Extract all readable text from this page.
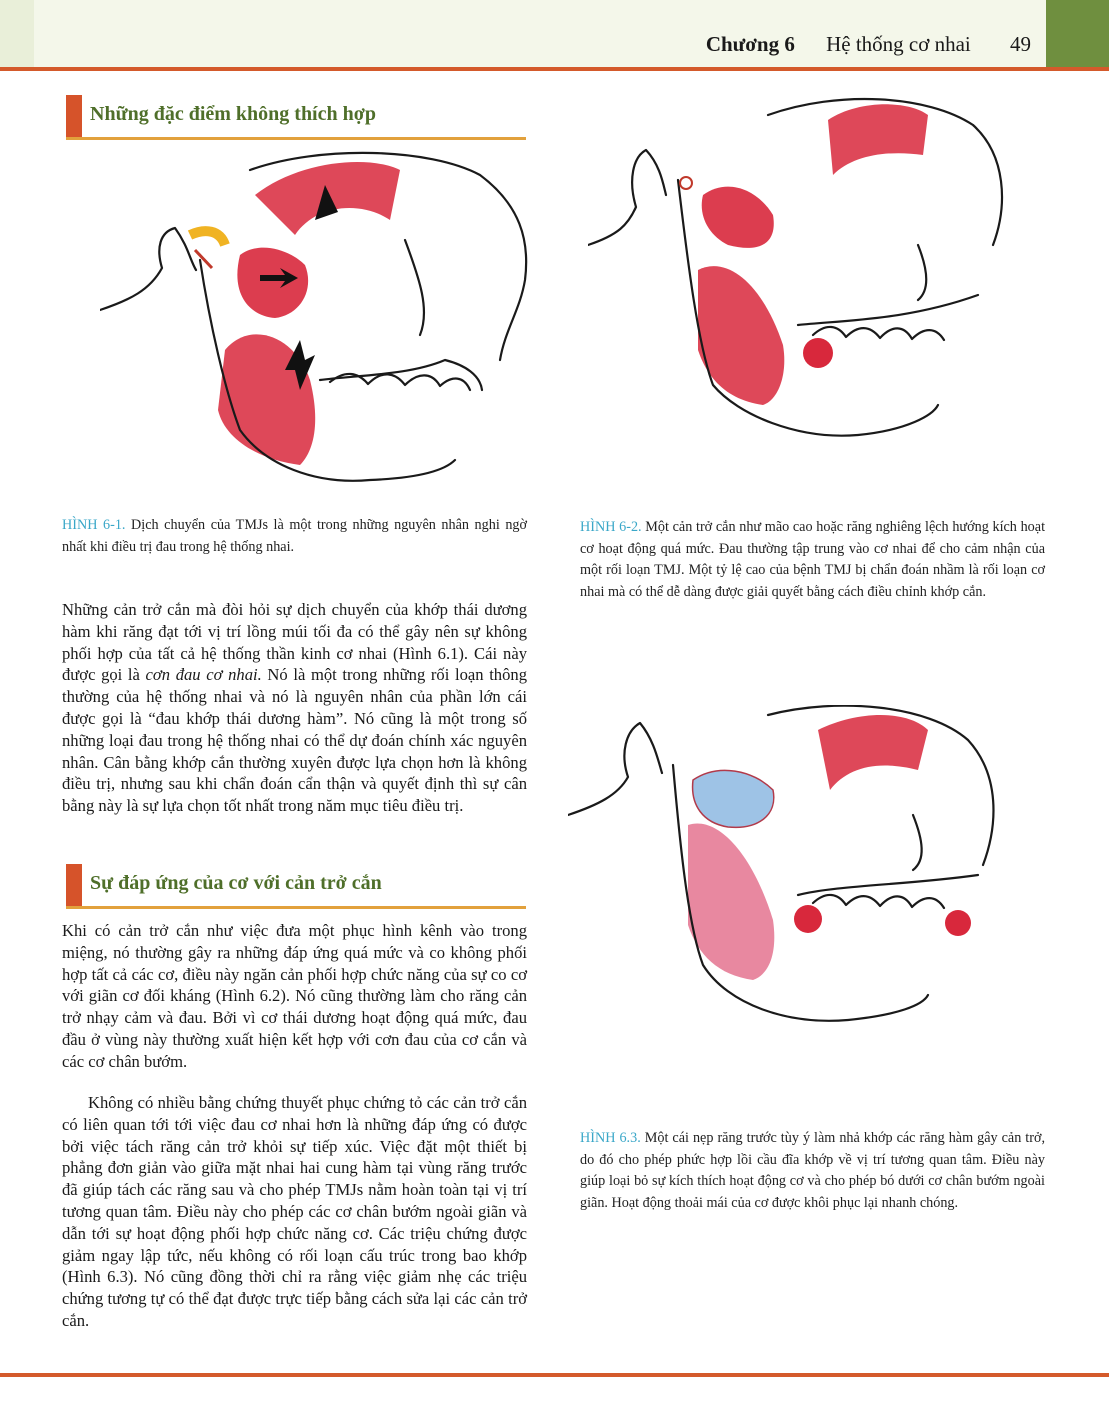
Chương 6 Hệ thống cơ nhai 49
Những đặc điểm không thích hợp

HÌNH 6-1. Dịch chuyển của TMJs là một trong những nguyên nhân nghi ngờ nhất khi điều trị đau trong hệ thống nhai.

HÌNH 6-2. Một cản trở cắn như mão cao hoặc răng nghiêng lệch hướng kích hoạt cơ hoạt động quá mức. Đau thường tập trung vào cơ nhai để cho cảm nhận của một rối loạn TMJ. Một tỷ lệ cao của bệnh TMJ bị chẩn đoán nhầm là rối loạn cơ nhai mà có thể dễ dàng được giải quyết bằng cách điều chỉnh khớp cắn.

Những cản trở cắn mà đòi hỏi sự dịch chuyển của khớp thái dương hàm khi răng đạt tới vị trí lồng múi tối đa có thể gây nên sự không phối hợp của tất cả hệ thống thần kinh cơ nhai (Hình 6.1). Cái này được gọi là cơn đau cơ nhai. Nó là một trong những rối loạn thông thường của hệ thống nhai và nó là nguyên nhân của phần lớn cái được gọi là “đau khớp thái dương hàm”. Nó cũng là một trong số những loại đau trong hệ thống nhai có thể dự đoán chính xác nguyên nhân. Cân bằng khớp cắn thường xuyên được lựa chọn hơn là không điều trị, nhưng sau khi chẩn đoán cẩn thận và quyết định thì sự cân bằng này là sự lựa chọn tốt nhất trong năm mục tiêu điều trị.

Sự đáp ứng của cơ với cản trở cắn

Khi có cản trở cắn như việc đưa một phục hình kênh vào trong miệng, nó thường gây ra những đáp ứng quá mức và co không phối hợp tất cả các cơ, điều này ngăn cản phối hợp chức năng của sự co cơ với giãn cơ đối kháng (Hình 6.2). Nó cũng thường làm cho răng cản trở nhạy cảm và đau. Bởi vì cơ thái dương hoạt động quá mức, đau đầu ở vùng này thường xuất hiện kết hợp với cơn đau của cơ cắn và các cơ chân bướm.

Không có nhiều bằng chứng thuyết phục chứng tỏ các cản trở cắn có liên quan tới tới việc đau cơ nhai hơn là những đáp ứng có được bởi việc tách răng cản trở khỏi sự tiếp xúc. Việc đặt một thiết bị phẳng đơn giản vào giữa mặt nhai hai cung hàm tại vùng răng trước đã giúp tách các răng sau và cho phép TMJs nằm hoàn toàn tại vị trí tương quan tâm. Điều này cho phép các cơ chân bướm ngoài giãn và dẫn tới sự hoạt động phối hợp chức năng cơ. Các triệu chứng được giảm ngay lập tức, nếu không có rối loạn cấu trúc trong bao khớp (Hình 6.3). Nó cũng đồng thời chỉ ra rằng việc giảm nhẹ các triệu chứng tương tự có thể đạt được trực tiếp bằng cách sửa lại các cản trở cắn.

HÌNH 6.3. Một cái nẹp răng trước tùy ý làm nhả khớp các răng hàm gây cản trở, do đó cho phép phức hợp lồi cầu đĩa khớp về vị trí tương quan tâm. Điều này giúp loại bỏ sự kích thích hoạt động cơ và cho phép bó dưới cơ chân bướm ngoài giãn. Hoạt động thoải mái của cơ được khôi phục lại nhanh chóng.
